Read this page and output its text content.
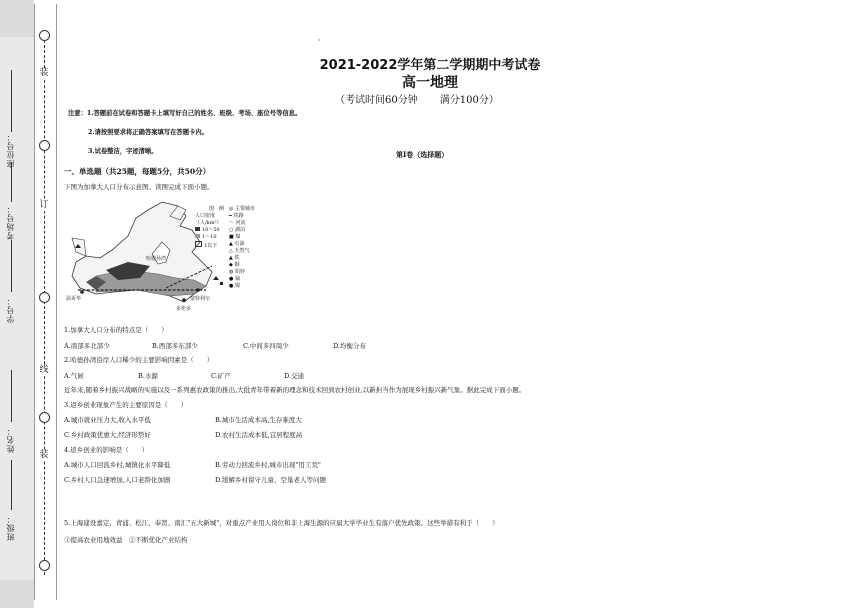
装
订
线
装
座位号：
考场号：
学号：
姓名：
班级：
·
2021-2022学年第二学期期中考试卷
高一地理
（考试时间60分钟 满分100分）
注意：1.答题前在试卷和答题卡上填写好自己的姓名、班级、考场、座位号等信息。
2.请按照要求将正确答案填写在答题卡内。
3.试卷整洁，字迹清晰。	第Ⅰ卷（选择题）
一、单选题（共25题，每题5分，共50分）
下图为加拿大人口分布示意图。读图完成下面小题。
哈德孙湾
温哥华
多伦多
蒙特利尔
图　例
人口密度
（人/km²）
10～50
1～10
1以下
◎ 主要城市
━ 铁路
～ 河流
○ 湖泊
■ 煤
▲ 石油
△ 天然气
▲ 铁
◆ 铜
◍ 铅锌
● 铀
● 镍
1.加拿大人口分布的特点是（　　）
A.南部多北部少	B.西部多东部少	C.中间多四周少	D.均衡分布
2.哈德孙湾沿岸人口稀少的主要影响因素是（　　）
A.气候	B.水源	C.矿产	D.交通
近年来,随着乡村振兴战略的实施以及一系列惠农政策的推出,大批青年带着新的理念和技术回到农村创业,以新担当作为展现乡村振兴新气象。据此完成下面小题。
3.返乡创业现象产生的主要原因是（　　）
A.城市就业压力大,收入水平低	B.城市生活成本高,生存难度大
C.乡村政策优惠大,经济形势好	D.农村生活成本低,宜居程度高
4.返乡创业的影响是（　　）
A.城市人口回流乡村,城镇化水平降低	B.劳动力回流乡村,城市出现"用工荒"
C.乡村人口急速增加,人口老龄化加剧	D.缓解乡村留守儿童、空巢老人等问题
5.上海建设嘉定、青浦、松江、奉贤、南汇"五大新城"，对重点产业用人岗位和非上海生源的应届大学毕业生有落户优先政策。这些举措有利于（　　）
①提高农业用地效益　②不断优化产业结构
